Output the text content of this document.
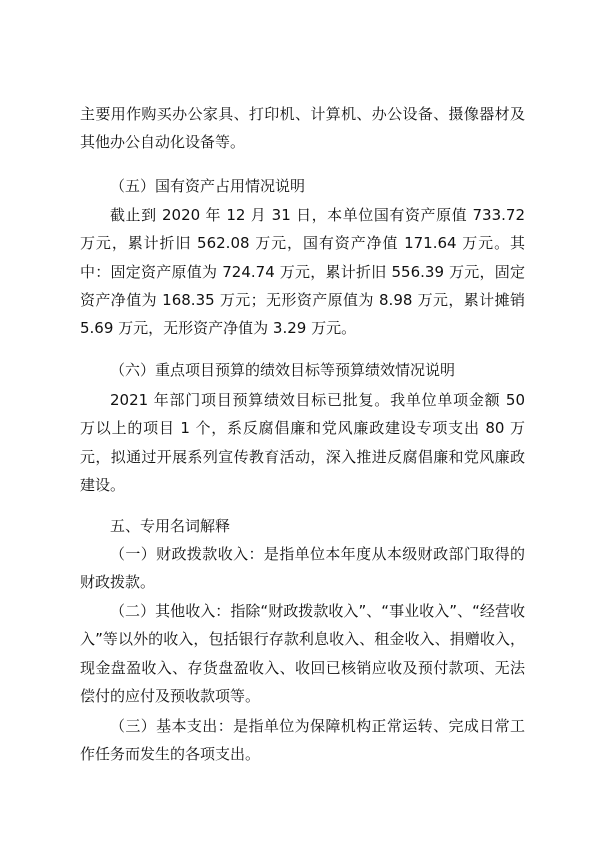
主要用作购买办公家具、打印机、计算机、办公设备、摄像器材及其他办公自动化设备等。

（五）国有资产占用情况说明

截止到 2020 年 12 月 31 日，本单位国有资产原值 733.72 万元，累计折旧 562.08 万元，国有资产净值 171.64 万元。其中：固定资产原值为 724.74 万元，累计折旧 556.39 万元，固定资产净值为 168.35 万元；无形资产原值为 8.98 万元，累计摊销 5.69 万元，无形资产净值为 3.29 万元。

（六）重点项目预算的绩效目标等预算绩效情况说明

2021 年部门项目预算绩效目标已批复。我单位单项金额 50 万以上的项目 1 个，系反腐倡廉和党风廉政建设专项支出 80 万元，拟通过开展系列宣传教育活动，深入推进反腐倡廉和党风廉政建设。

五、专用名词解释

（一）财政拨款收入：是指单位本年度从本级财政部门取得的财政拨款。

（二）其他收入：指除“财政拨款收入”、“事业收入”、“经营收入”等以外的收入，包括银行存款利息收入、租金收入、捐赠收入，现金盘盈收入、存货盘盈收入、收回已核销应收及预付款项、无法偿付的应付及预收款项等。

（三）基本支出：是指单位为保障机构正常运转、完成日常工作任务而发生的各项支出。
